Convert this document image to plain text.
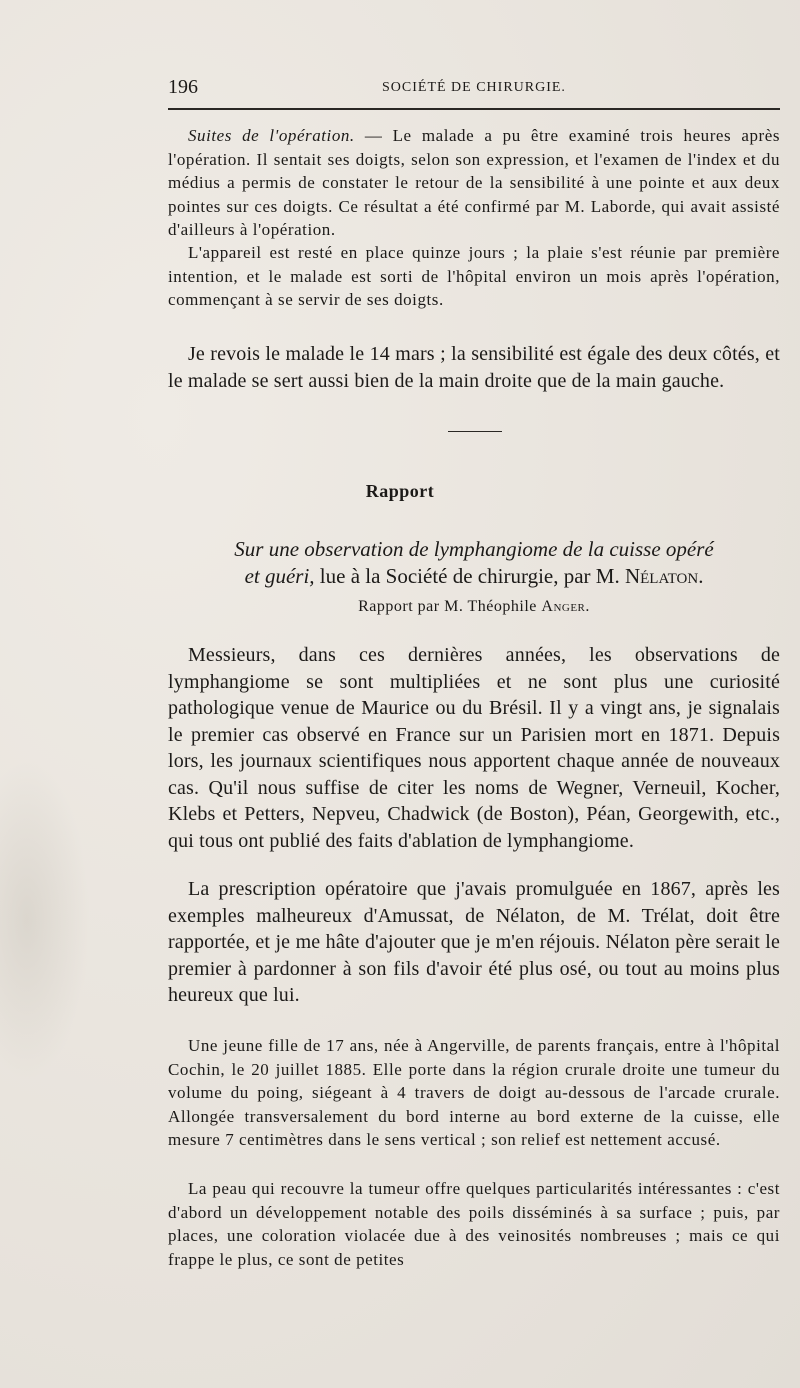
196	SOCIÉTÉ DE CHIRURGIE.

Suites de l'opération. — Le malade a pu être examiné trois heures après l'opération. Il sentait ses doigts, selon son expression, et l'examen de l'index et du médius a permis de constater le retour de la sensibilité à une pointe et aux deux pointes sur ces doigts. Ce résultat a été confirmé par M. Laborde, qui avait assisté d'ailleurs à l'opération.

L'appareil est resté en place quinze jours ; la plaie s'est réunie par première intention, et le malade est sorti de l'hôpital environ un mois après l'opération, commençant à se servir de ses doigts.

Je revois le malade le 14 mars ; la sensibilité est égale des deux côtés, et le malade se sert aussi bien de la main droite que de la main gauche.

Rapport
Sur une observation de lymphangiome de la cuisse opéré
et guéri, lue à la Société de chirurgie, par M. Nélaton.
Rapport par M. Théophile Anger.

Messieurs, dans ces dernières années, les observations de lymphangiome se sont multipliées et ne sont plus une curiosité pathologique venue de Maurice ou du Brésil. Il y a vingt ans, je signalais le premier cas observé en France sur un Parisien mort en 1871. Depuis lors, les journaux scientifiques nous apportent chaque année de nouveaux cas. Qu'il nous suffise de citer les noms de Wegner, Verneuil, Kocher, Klebs et Petters, Nepveu, Chadwick (de Boston), Péan, Georgewith, etc., qui tous ont publié des faits d'ablation de lymphangiome.

La prescription opératoire que j'avais promulguée en 1867, après les exemples malheureux d'Amussat, de Nélaton, de M. Trélat, doit être rapportée, et je me hâte d'ajouter que je m'en réjouis. Nélaton père serait le premier à pardonner à son fils d'avoir été plus osé, ou tout au moins plus heureux que lui.

Une jeune fille de 17 ans, née à Angerville, de parents français, entre à l'hôpital Cochin, le 20 juillet 1885. Elle porte dans la région crurale droite une tumeur du volume du poing, siégeant à 4 travers de doigt au-dessous de l'arcade crurale. Allongée transversalement du bord interne au bord externe de la cuisse, elle mesure 7 centimètres dans le sens vertical ; son relief est nettement accusé.

La peau qui recouvre la tumeur offre quelques particularités intéressantes : c'est d'abord un développement notable des poils disséminés à sa surface ; puis, par places, une coloration violacée due à des veinosités nombreuses ; mais ce qui frappe le plus, ce sont de petites
